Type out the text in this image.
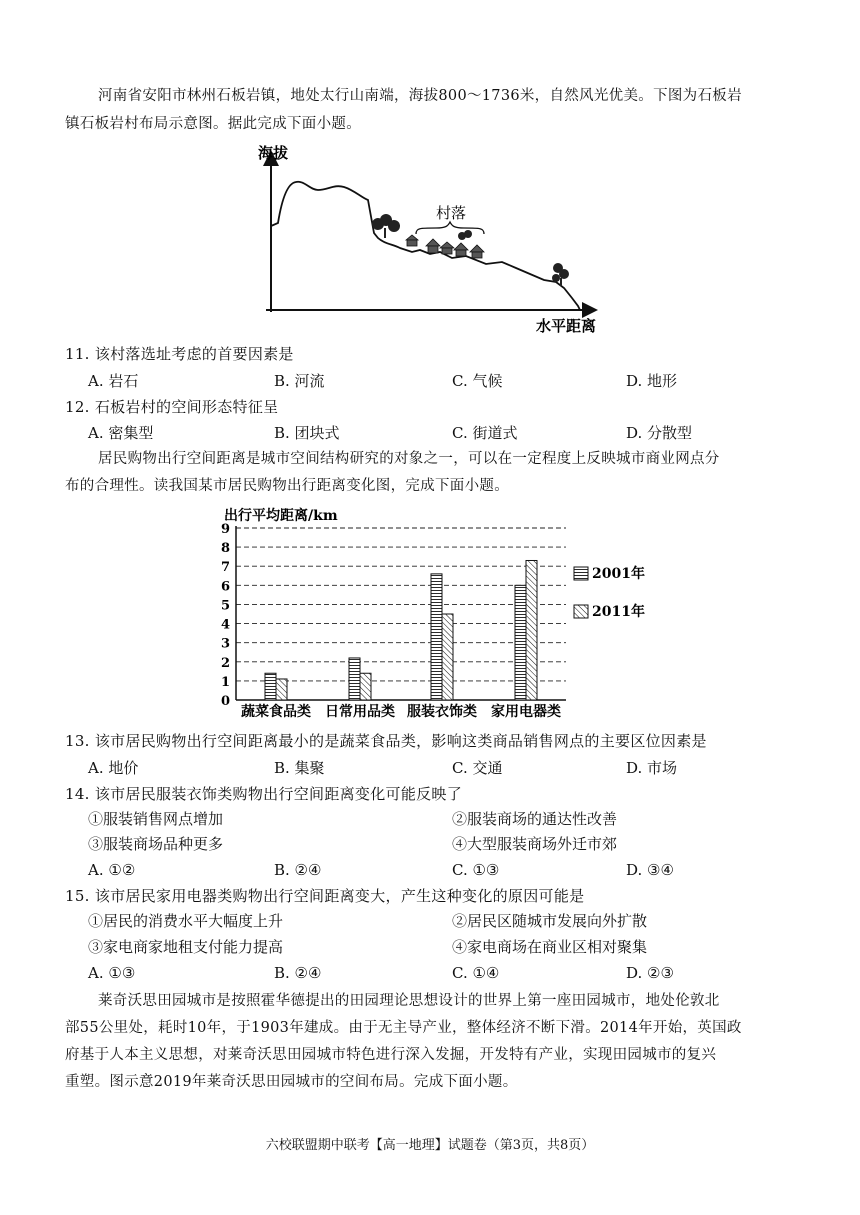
河南省安阳市林州石板岩镇，地处太行山南端，海拔800～1736米，自然风光优美。下图为石板岩
镇石板岩村布局示意图。据此完成下面小题。
海拔
水平距离
村落
11. 该村落选址考虑的首要因素是
A. 岩石	B. 河流	C. 气候	D. 地形
12. 石板岩村的空间形态特征呈
A. 密集型	B. 团块式	C. 街道式	D. 分散型
居民购物出行空间距离是城市空间结构研究的对象之一，可以在一定程度上反映城市商业网点分
布的合理性。读我国某市居民购物出行距离变化图，完成下面小题。
出行平均距离/km
0
1
2
3
4
5
6
7
8
9
蔬菜食品类 日常用品类 服装衣饰类 家用电器类
2001年
2011年
13. 该市居民购物出行空间距离最小的是蔬菜食品类，影响这类商品销售网点的主要区位因素是
A. 地价	B. 集聚	C. 交通	D. 市场
14. 该市居民服装衣饰类购物出行空间距离变化可能反映了
①服装销售网点增加	②服装商场的通达性改善
③服装商场品种更多	④大型服装商场外迁市郊
A. ①②	B. ②④	C. ①③	D. ③④
15. 该市居民家用电器类购物出行空间距离变大，产生这种变化的原因可能是
①居民的消费水平大幅度上升	②居民区随城市发展向外扩散
③家电商家地租支付能力提高	④家电商场在商业区相对聚集
A. ①③	B. ②④	C. ①④	D. ②③
莱奇沃思田园城市是按照霍华德提出的田园理论思想设计的世界上第一座田园城市，地处伦敦北
部55公里处，耗时10年，于1903年建成。由于无主导产业，整体经济不断下滑。2014年开始，英国政
府基于人本主义思想，对莱奇沃思田园城市特色进行深入发掘，开发特有产业，实现田园城市的复兴
重塑。图示意2019年莱奇沃思田园城市的空间布局。完成下面小题。
六校联盟期中联考【高一地理】试题卷（第3页，共8页）
